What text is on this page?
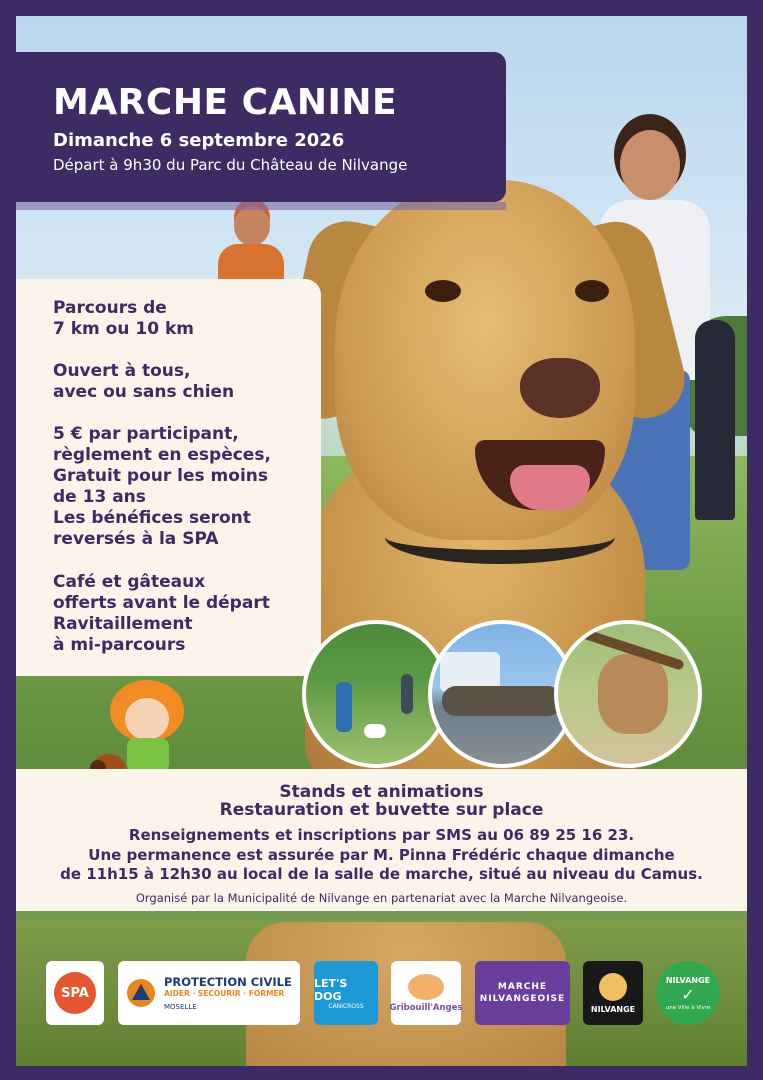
MARCHE CANINE
Dimanche 6 septembre 2026
Départ à 9h30 du Parc du Château de Nilvange

Parcours de
7 km ou 10 km

Ouvert à tous,
avec ou sans chien

5 € par participant,
règlement en espèces,
Gratuit pour les moins
de 13 ans
Les bénéfices seront
reversés à la SPA

Café et gâteaux
offerts avant le départ
Ravitaillement
à mi-parcours

Stands et animations
Restauration et buvette sur place
Renseignements et inscriptions par SMS au 06 89 25 16 23.
Une permanence est assurée par M. Pinna Frédéric chaque dimanche
de 11h15 à 12h30 au local de la salle de marche, situé au niveau du Camus.
Organisé par la Municipalité de Nilvange en partenariat avec la Marche Nilvangeoise.
SPA
PROTECTION CIVILE
AIDER · SECOURIR · FORMER
MOSELLE
LET'S DOG
CANICROSS	Gribouill'Anges
MARCHE NILVANGEOISE
NILVANGE
NILVANGE
✓
une Ville à Vivre
